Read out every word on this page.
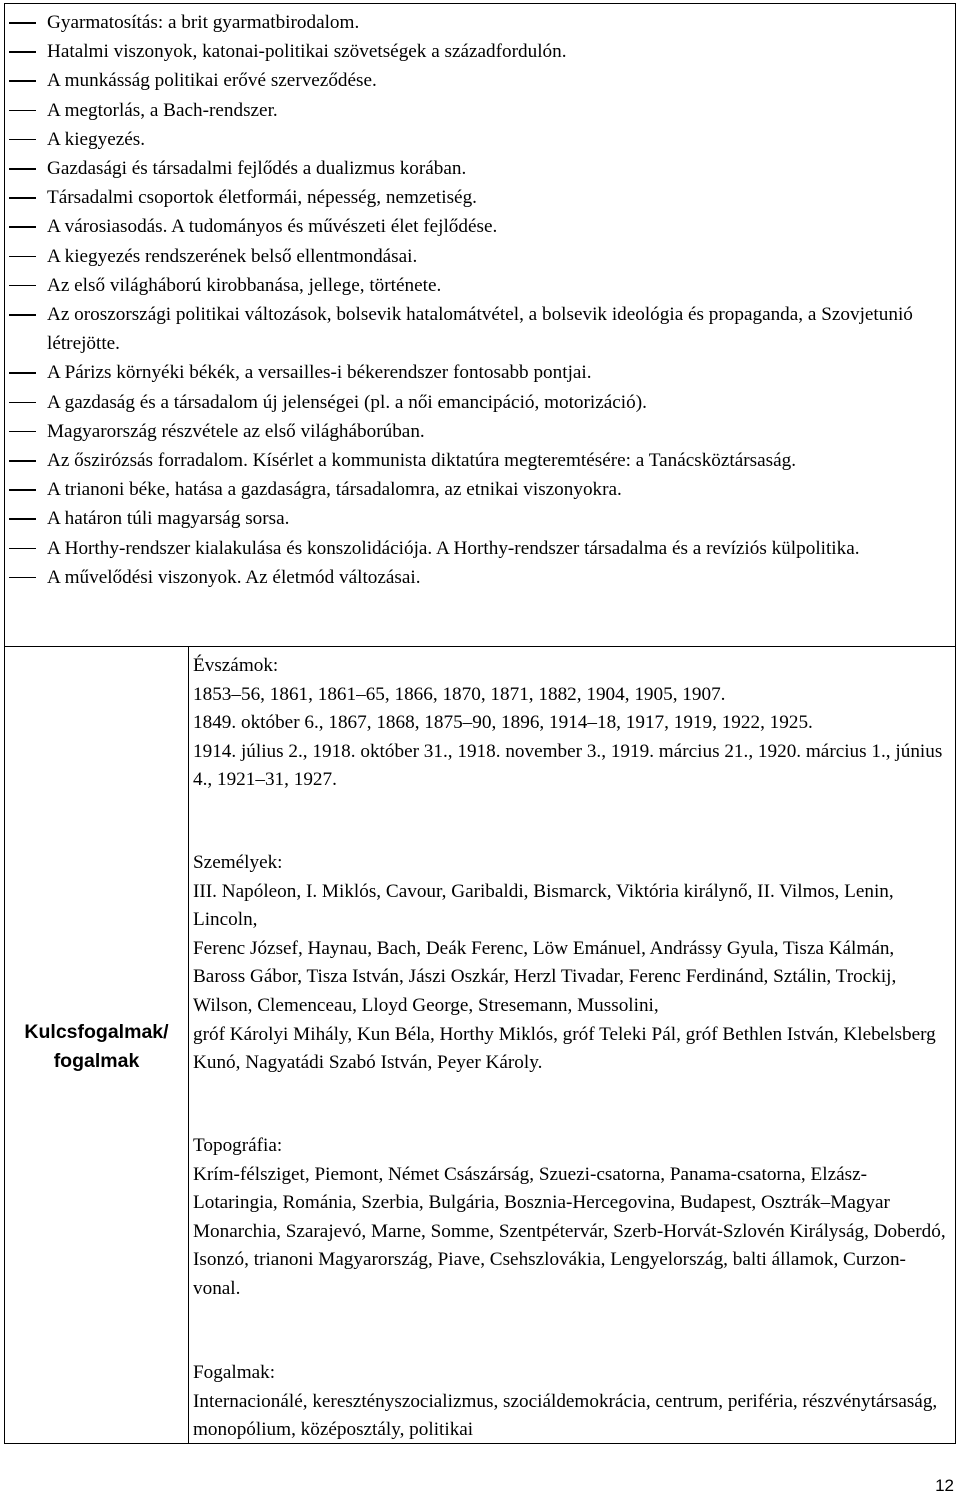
Gyarmatosítás: a brit gyarmatbirodalom.
Hatalmi viszonyok, katonai-politikai szövetségek a századfordulón.
A munkásság politikai erővé szerveződése.
A megtorlás, a Bach-rendszer.
A kiegyezés.
Gazdasági és társadalmi fejlődés a dualizmus korában.
Társadalmi csoportok életformái, népesség, nemzetiség.
A városiasodás. A tudományos és művészeti élet fejlődése.
A kiegyezés rendszerének belső ellentmondásai.
Az első világháború kirobbanása, jellege, története.
Az oroszországi politikai változások, bolsevik hatalomátvétel, a bolsevik ideológia és propaganda, a Szovjetunió létrejötte.
A Párizs környéki békék, a versailles-i békerendszer fontosabb pontjai.
A gazdaság és a társadalom új jelenségei (pl. a női emancipáció, motorizáció).
Magyarország részvétele az első világháborúban.
Az őszirózsás forradalom. Kísérlet a kommunista diktatúra megteremtésére: a Tanácsköztársaság.
A trianoni béke, hatása a gazdaságra, társadalomra, az etnikai viszonyokra.
A határon túli magyarság sorsa.
A Horthy-rendszer kialakulása és konszolidációja. A Horthy-rendszer társadalma és a revíziós külpolitika.
A művelődési viszonyok. Az életmód változásai.
Kulcsfogalmak/ fogalmak
Évszámok:

1853–56, 1861, 1861–65, 1866, 1870, 1871, 1882, 1904, 1905, 1907.

1849. október 6., 1867, 1868, 1875–90, 1896, 1914–18, 1917, 1919, 1922, 1925.

1914. július 2., 1918. október 31., 1918. november 3., 1919. március 21., 1920. március 1., június 4., 1921–31, 1927.

Személyek:

III. Napóleon, I. Miklós, Cavour, Garibaldi, Bismarck, Viktória királynő, II. Vilmos, Lenin, Lincoln,

Ferenc József, Haynau, Bach, Deák Ferenc, Löw Emánuel, Andrássy Gyula, Tisza Kálmán, Baross Gábor, Tisza István, Jászi Oszkár, Herzl Tivadar, Ferenc Ferdinánd, Sztálin, Trockij, Wilson, Clemenceau, Lloyd George, Stresemann, Mussolini,

gróf Károlyi Mihály, Kun Béla, Horthy Miklós, gróf Teleki Pál, gróf Bethlen István, Klebelsberg Kunó, Nagyatádi Szabó István, Peyer Károly.

Topográfia:

Krím-félsziget, Piemont, Német Császárság, Szuezi-csatorna, Panama-csatorna, Elzász-Lotaringia, Románia, Szerbia, Bulgária, Bosznia-Hercegovina, Budapest, Osztrák–Magyar Monarchia, Szarajevó, Marne, Somme, Szentpétervár, Szerb-Horvát-Szlovén Királyság, Doberdó, Isonzó, trianoni Magyarország, Piave, Csehszlovákia, Lengyelország, balti államok, Curzon-vonal.

Fogalmak:

Internacionálé, keresztényszocializmus, szociáldemokrácia, centrum, periféria, részvénytársaság, monopólium, középosztály, politikai

12
